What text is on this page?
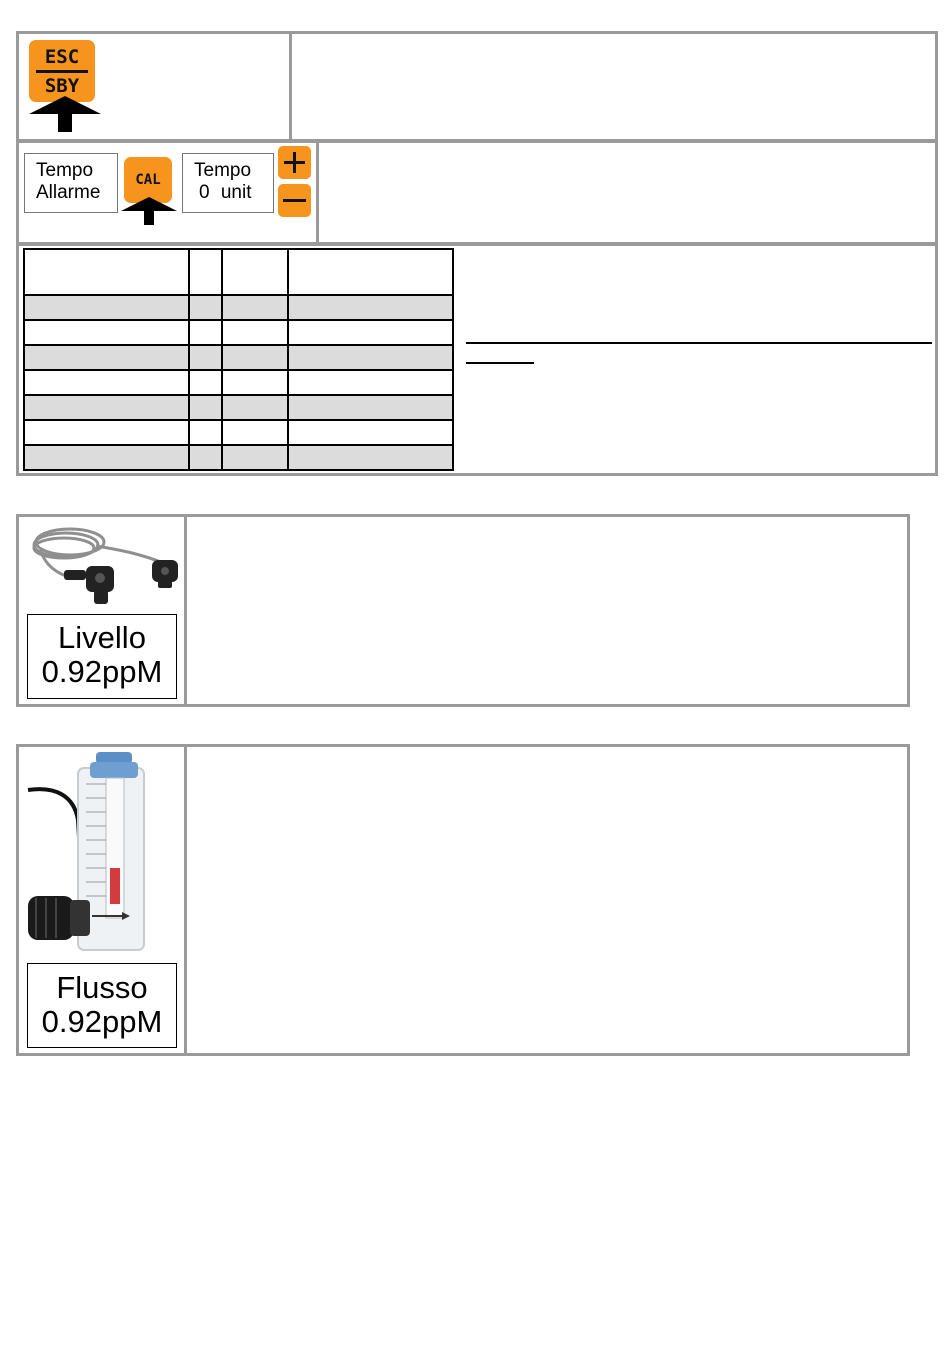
ESC
SBY
Tempo
Allarme
CAL Tempo
0 unit

Livello
0.92ppM
Flusso
0.92ppM
